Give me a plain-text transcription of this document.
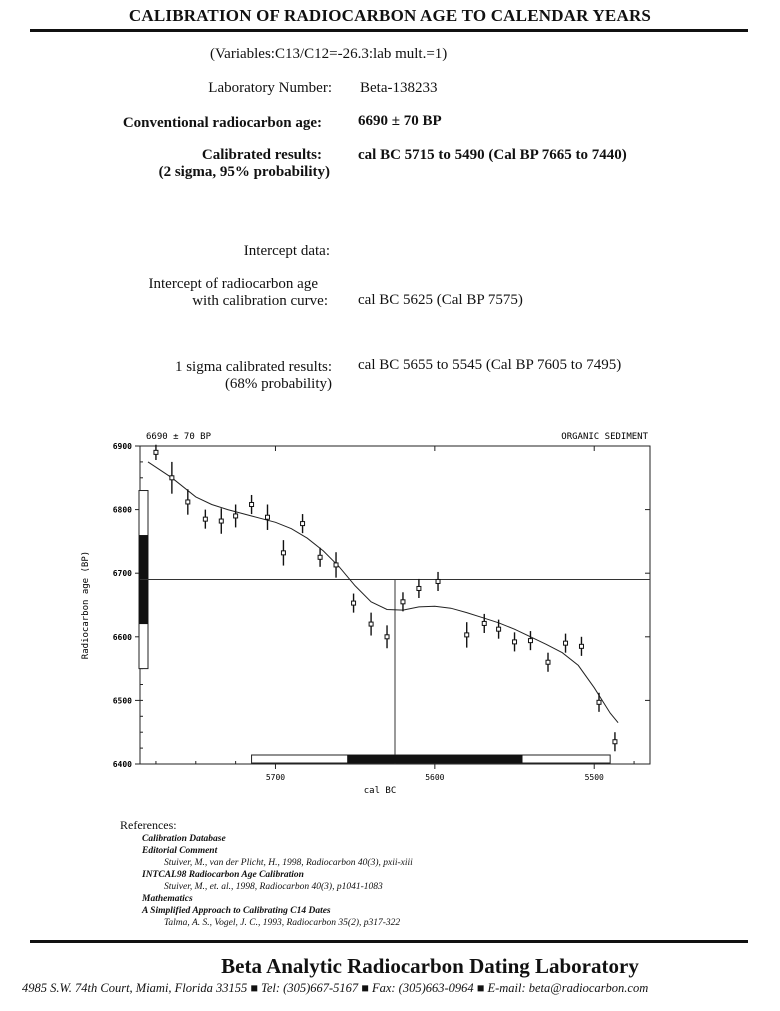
CALIBRATION OF RADIOCARBON AGE TO CALENDAR YEARS
(Variables:C13/C12=-26.3:lab mult.=1)
Laboratory Number: Beta-138233
Conventional radiocarbon age: 6690 ± 70 BP
Calibrated results:
(2 sigma, 95% probability)
cal BC 5715 to 5490 (Cal BP 7665 to 7440)
Intercept data:
Intercept of radiocarbon age
with calibration curve: cal BC 5625 (Cal BP 7575)
1 sigma calibrated results:
(68% probability)
cal BC 5655 to 5545 (Cal BP 7605 to 7495)
6690 ± 70 BP	ORGANIC SEDIMENT
cal BC
Radiocarbon age (BP)
6400
6500
6600
6700
6800
6900
5700	5600	5500
References:
Calibration Database
Editorial Comment
Stuiver, M., van der Plicht, H., 1998, Radiocarbon 40(3), pxii-xiii
INTCAL98 Radiocarbon Age Calibration
Stuiver, M., et. al., 1998, Radiocarbon 40(3), p1041-1083
Mathematics
A Simplified Approach to Calibrating C14 Dates
Talma, A. S., Vogel, J. C., 1993, Radiocarbon 35(2), p317-322
Beta Analytic Radiocarbon Dating Laboratory
4985 S.W. 74th Court, Miami, Florida 33155 ■ Tel: (305)667-5167 ■ Fax: (305)663-0964 ■ E-mail: beta@radiocarbon.com
